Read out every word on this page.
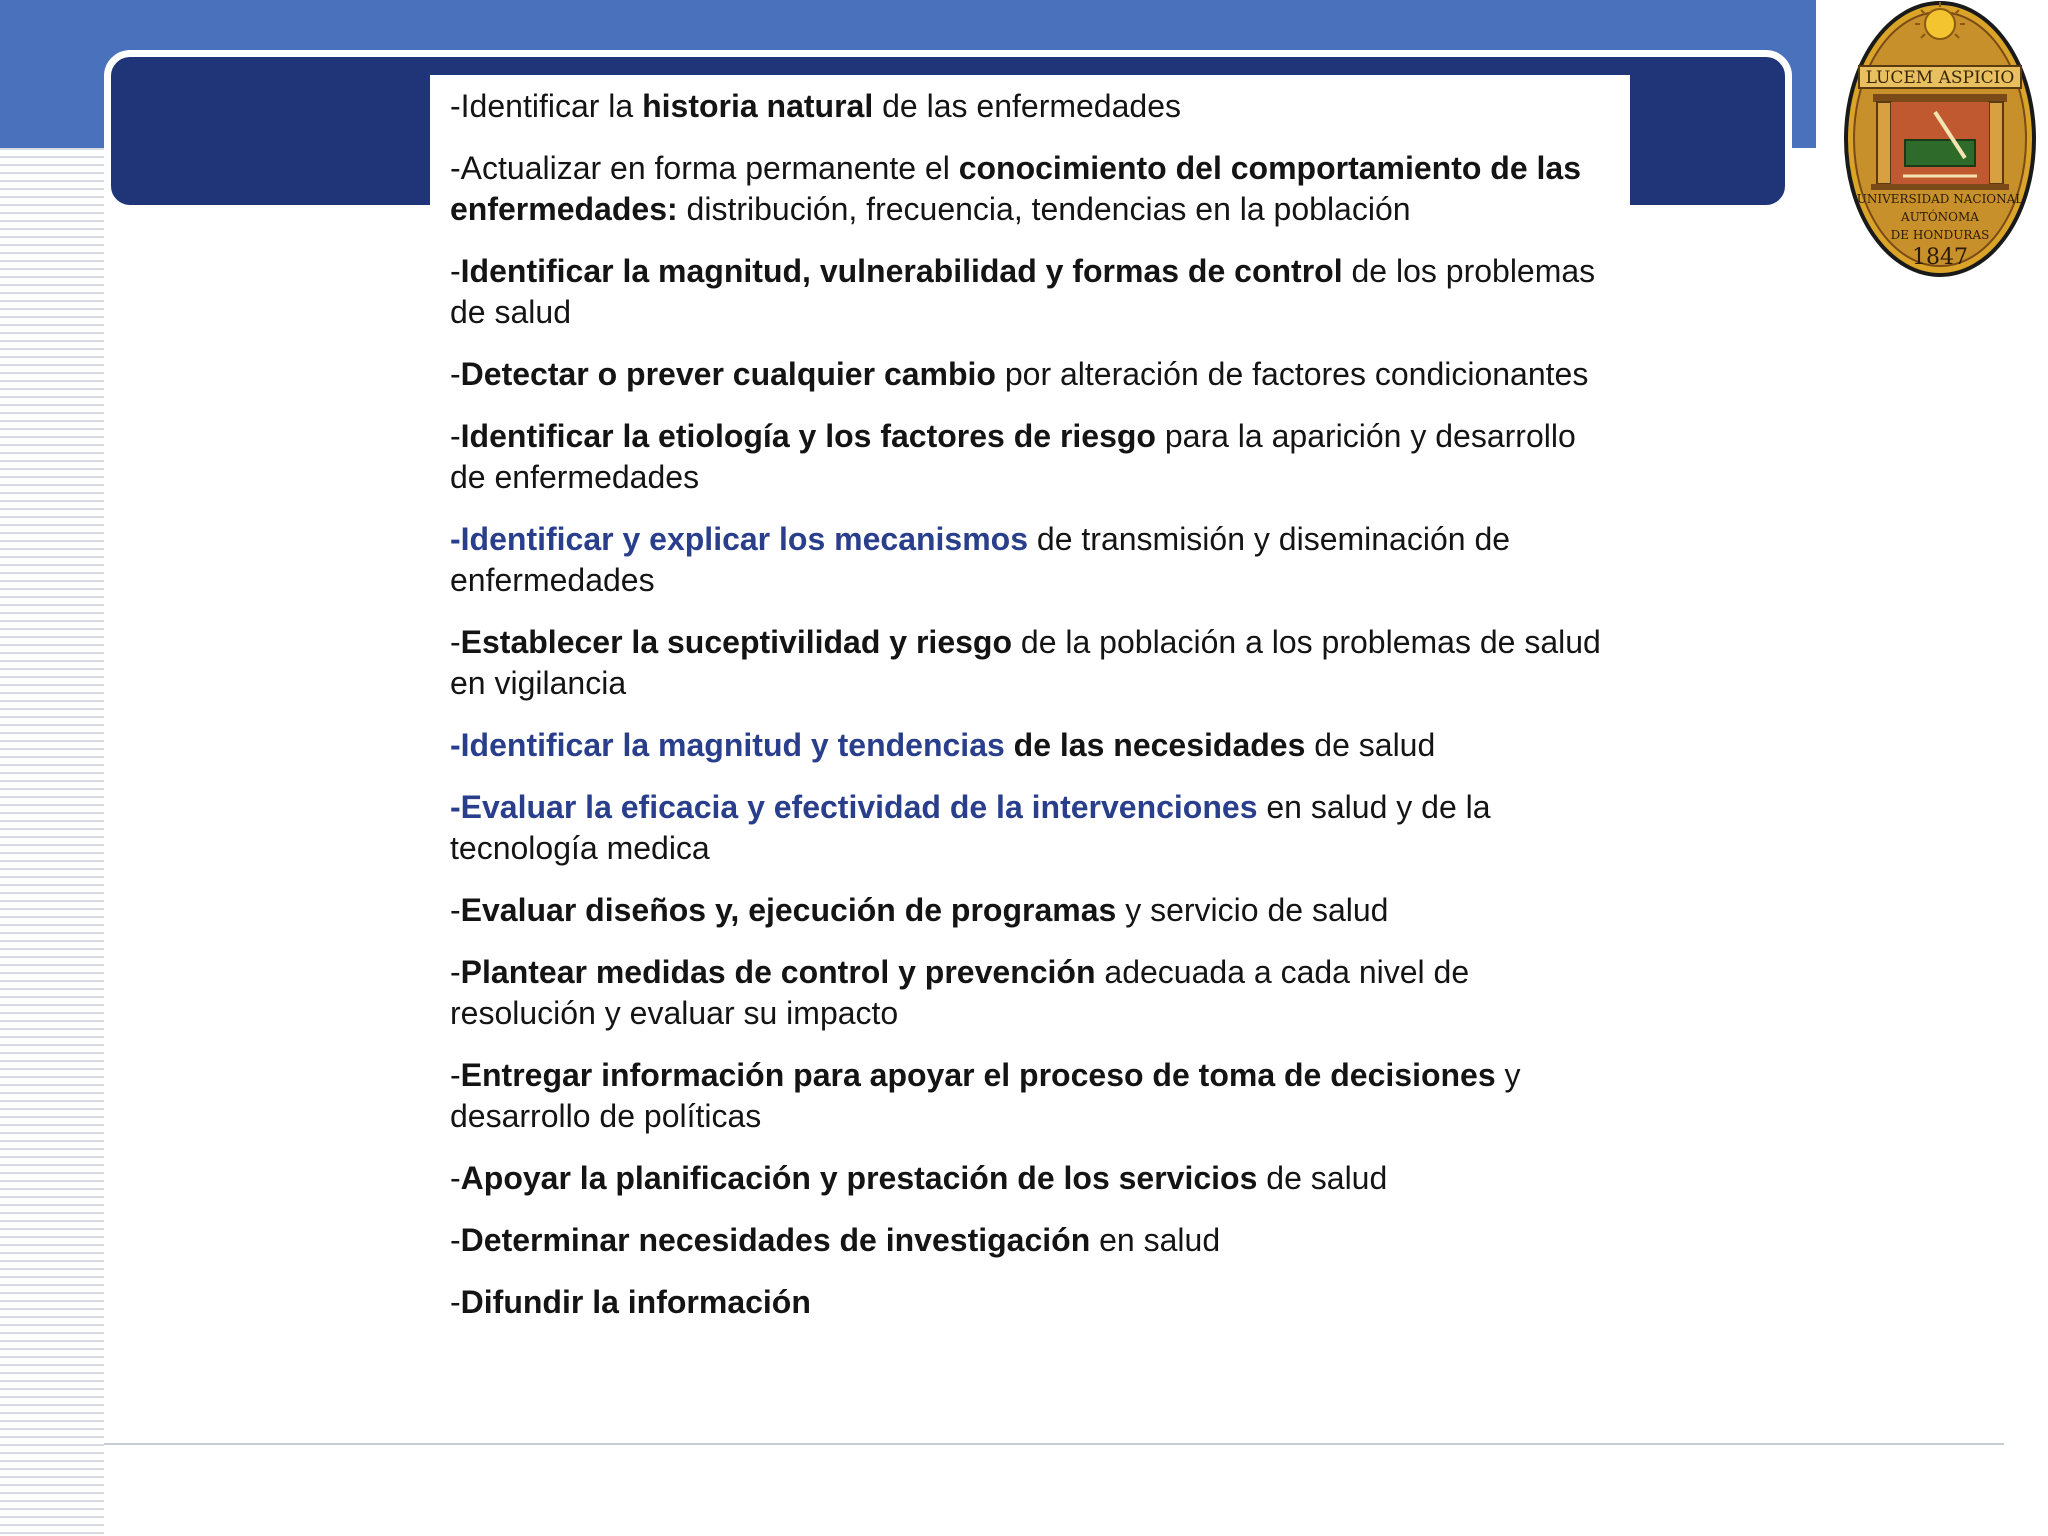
-Identificar la historia natural de las enfermedades
-Actualizar en forma permanente el conocimiento del comportamiento de las enfermedades: distribución, frecuencia, tendencias en la población
-Identificar la magnitud, vulnerabilidad y formas de control de los problemas de salud
-Detectar o prever cualquier cambio por alteración de factores condicionantes
-Identificar la etiología y los factores de riesgo para la aparición y desarrollo de enfermedades
-Identificar y explicar los mecanismos de transmisión y diseminación de enfermedades
-Establecer la suceptivilidad y riesgo de la población a los problemas de salud en vigilancia
-Identificar la magnitud y tendencias de las necesidades de salud
-Evaluar la eficacia y efectividad de la intervenciones en salud y de la tecnología medica
-Evaluar diseños y, ejecución de programas y servicio de salud
-Plantear medidas de control y prevención adecuada a cada nivel de resolución y evaluar su impacto
-Entregar información para apoyar el proceso de toma de decisiones y desarrollo de políticas
-Apoyar la planificación y prestación de los servicios de salud
-Determinar necesidades de investigación en salud
-Difundir la información
LUCEM ASPICIO
UNIVERSIDAD NACIONAL
AUTÓNOMA
DE HONDURAS
1847
